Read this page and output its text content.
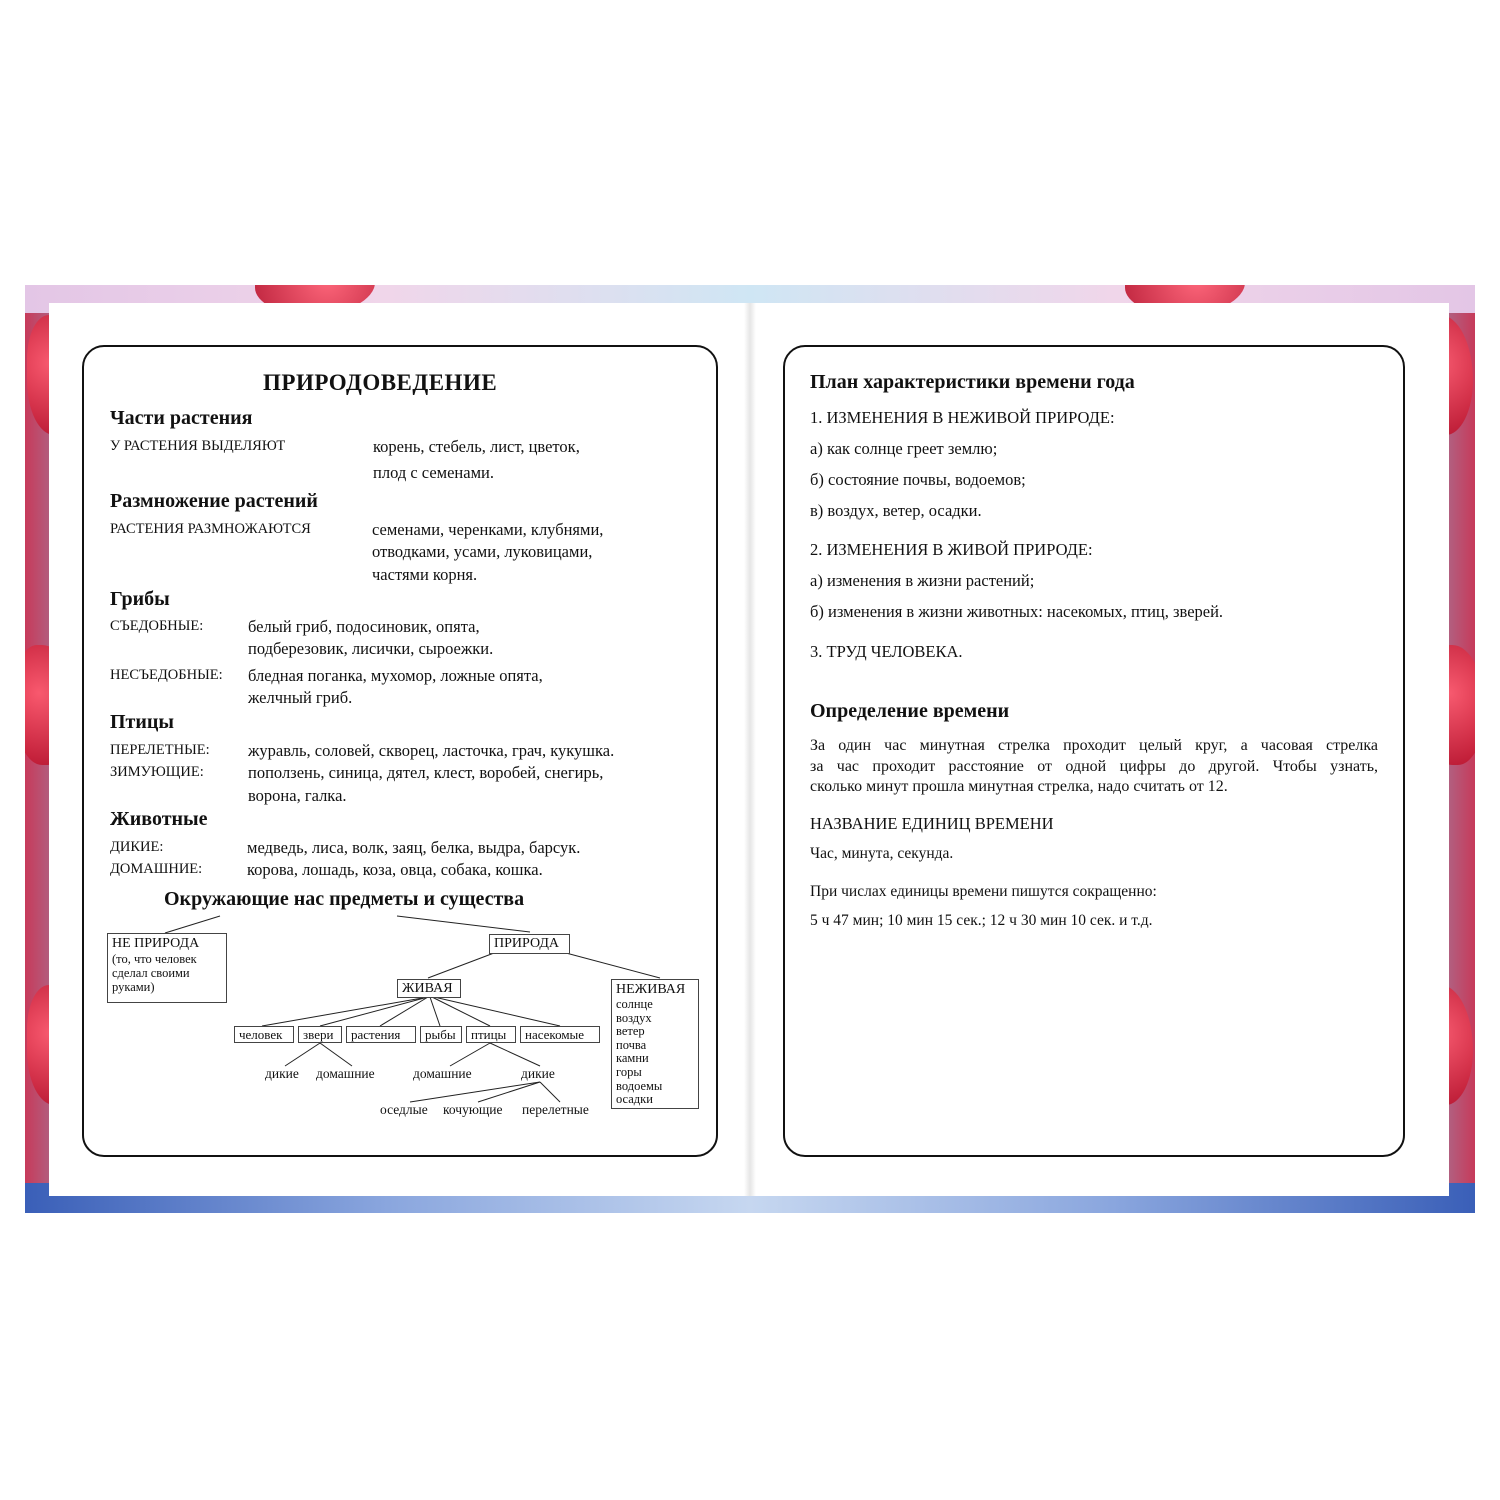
ПРИРОДОВЕДЕНИЕ
Части растения
У РАСТЕНИЯ ВЫДЕЛЯЮТ	корень, стебель, лист, цветок,
плод с семенами.
Размножение растений
РАСТЕНИЯ РАЗМНОЖАЮТСЯ	семенами, черенками, клубнями,
отводками, усами, луковицами,
частями корня.
Грибы
СЪЕДОБНЫЕ:	белый гриб, подосиновик, опята,
подберезовик, лисички, сыроежки.
НЕСЪЕДОБНЫЕ: бледная поганка, мухомор, ложные опята,
желчный гриб.
Птицы
ПЕРЕЛЕТНЫЕ: журавль, соловей, скворец, ласточка, грач, кукушка.
ЗИМУЮЩИЕ:	поползень, синица, дятел, клест, воробей, снегирь,
ворона, галка.
Животные
ДИКИЕ:	медведь, лиса, волк, заяц, белка, выдра, барсук.
ДОМАШНИЕ:	корова, лошадь, коза, овца, собака, кошка.
Окружающие нас предметы и существа
НЕ ПРИРОДА
(то, что человек
сделал своими
руками)
ПРИРОДА
ЖИВАЯ	НЕЖИВАЯ
солнце
воздух
ветер
почва
камни
горы
водоемы
осадки
человек	звери	растения	рыбы	птицы	насекомые
дикие домашние	домашние	дикие
оседлые кочующие перелетные
План характеристики времени года
1. ИЗМЕНЕНИЯ В НЕЖИВОЙ ПРИРОДЕ:
а) как солнце греет землю;
б) состояние почвы, водоемов;
в) воздух, ветер, осадки.
2. ИЗМЕНЕНИЯ В ЖИВОЙ ПРИРОДЕ:
а) изменения в жизни растений;
б) изменения в жизни животных: насекомых, птиц, зверей.
3. ТРУД ЧЕЛОВЕКА.
Определение времени
За один час минутная стрелка проходит целый круг, а часовая стрелка
за час проходит расстояние от одной цифры до другой. Чтобы узнать,
сколько минут прошла минутная стрелка, надо считать от 12.
НАЗВАНИЕ ЕДИНИЦ ВРЕМЕНИ
Час, минута, секунда.
При числах единицы времени пишутся сокращенно:
5 ч 47 мин; 10 мин 15 сек.; 12 ч 30 мин 10 сек. и т.д.
